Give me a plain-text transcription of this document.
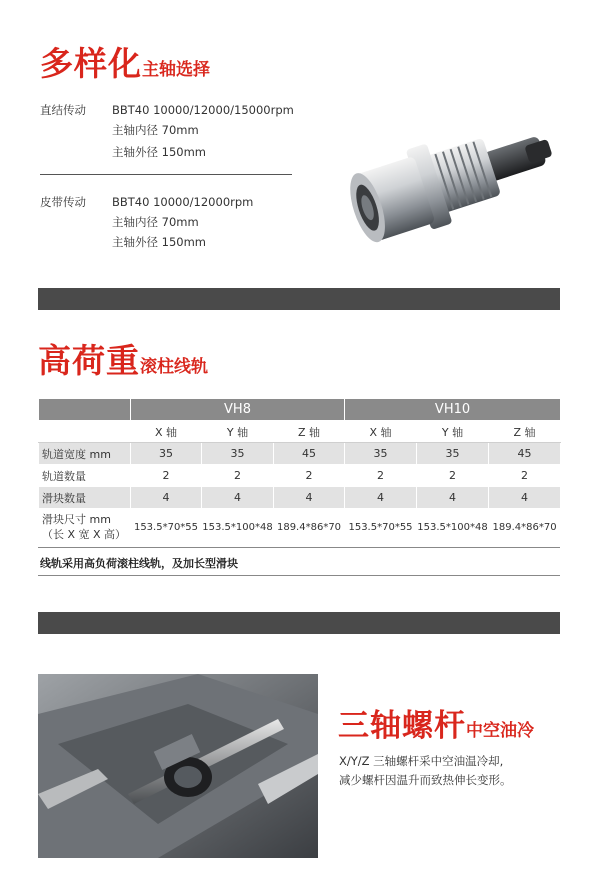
多样化主轴选择
直结传动 BBT40 10000/12000/15000rpm
主轴内径 70mm
主轴外径 150mm
皮带传动 BBT40 10000/12000rpm
主轴内径 70mm
主轴外径 150mm
高荷重滚柱线轨
	VH8			VH10		
	X 轴	Y 轴	Z 轴	X 轴	Y 轴	Z 轴
轨道宽度 mm	35	35	45	35	35	45
轨道数量	2	2	2	2	2	2
滑块数量	4	4	4	4	4	4

滑块尺寸 mm
（长 X 宽 X 高）	153.5*70*55	153.5*100*48	189.4*86*70	153.5*70*55	153.5*100*48	189.4*86*70
线轨采用高负荷滚柱线轨，及加长型滑块
三轴螺杆中空油冷
X/Y/Z 三轴螺杆采中空油温冷却,
减少螺杆因温升而致热伸长变形。
